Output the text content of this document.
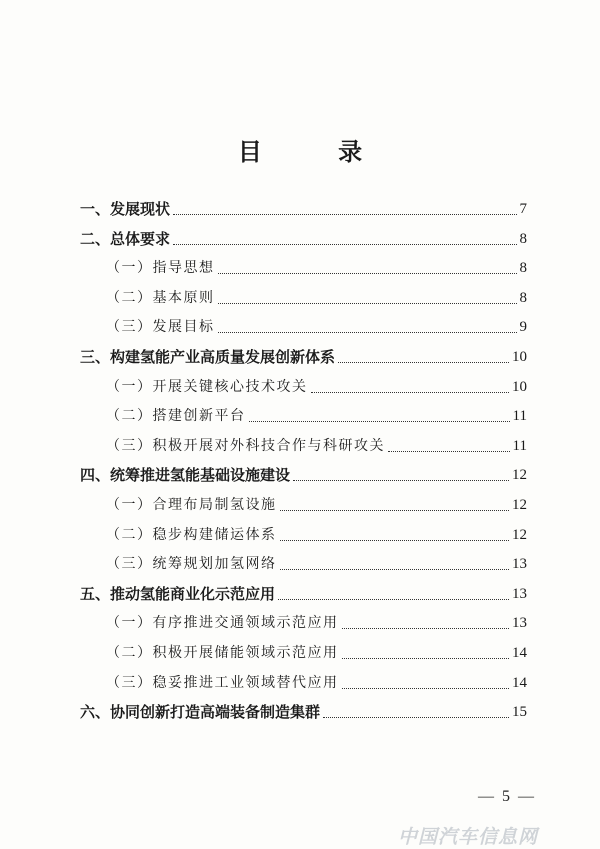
目 录
一、发展现状	7
二、总体要求	8
（一）指导思想	8
（二）基本原则	8
（三）发展目标	9
三、构建氢能产业高质量发展创新体系	10
（一）开展关键核心技术攻关	10
（二）搭建创新平台	11
（三）积极开展对外科技合作与科研攻关	11
四、统筹推进氢能基础设施建设	12
（一）合理布局制氢设施	12
（二）稳步构建储运体系	12
（三）统筹规划加氢网络	13
五、推动氢能商业化示范应用	13
（一）有序推进交通领域示范应用	13
（二）积极开展储能领域示范应用	14
（三）稳妥推进工业领域替代应用	14
六、协同创新打造高端装备制造集群	15
— 5 —
中国汽车信息网
